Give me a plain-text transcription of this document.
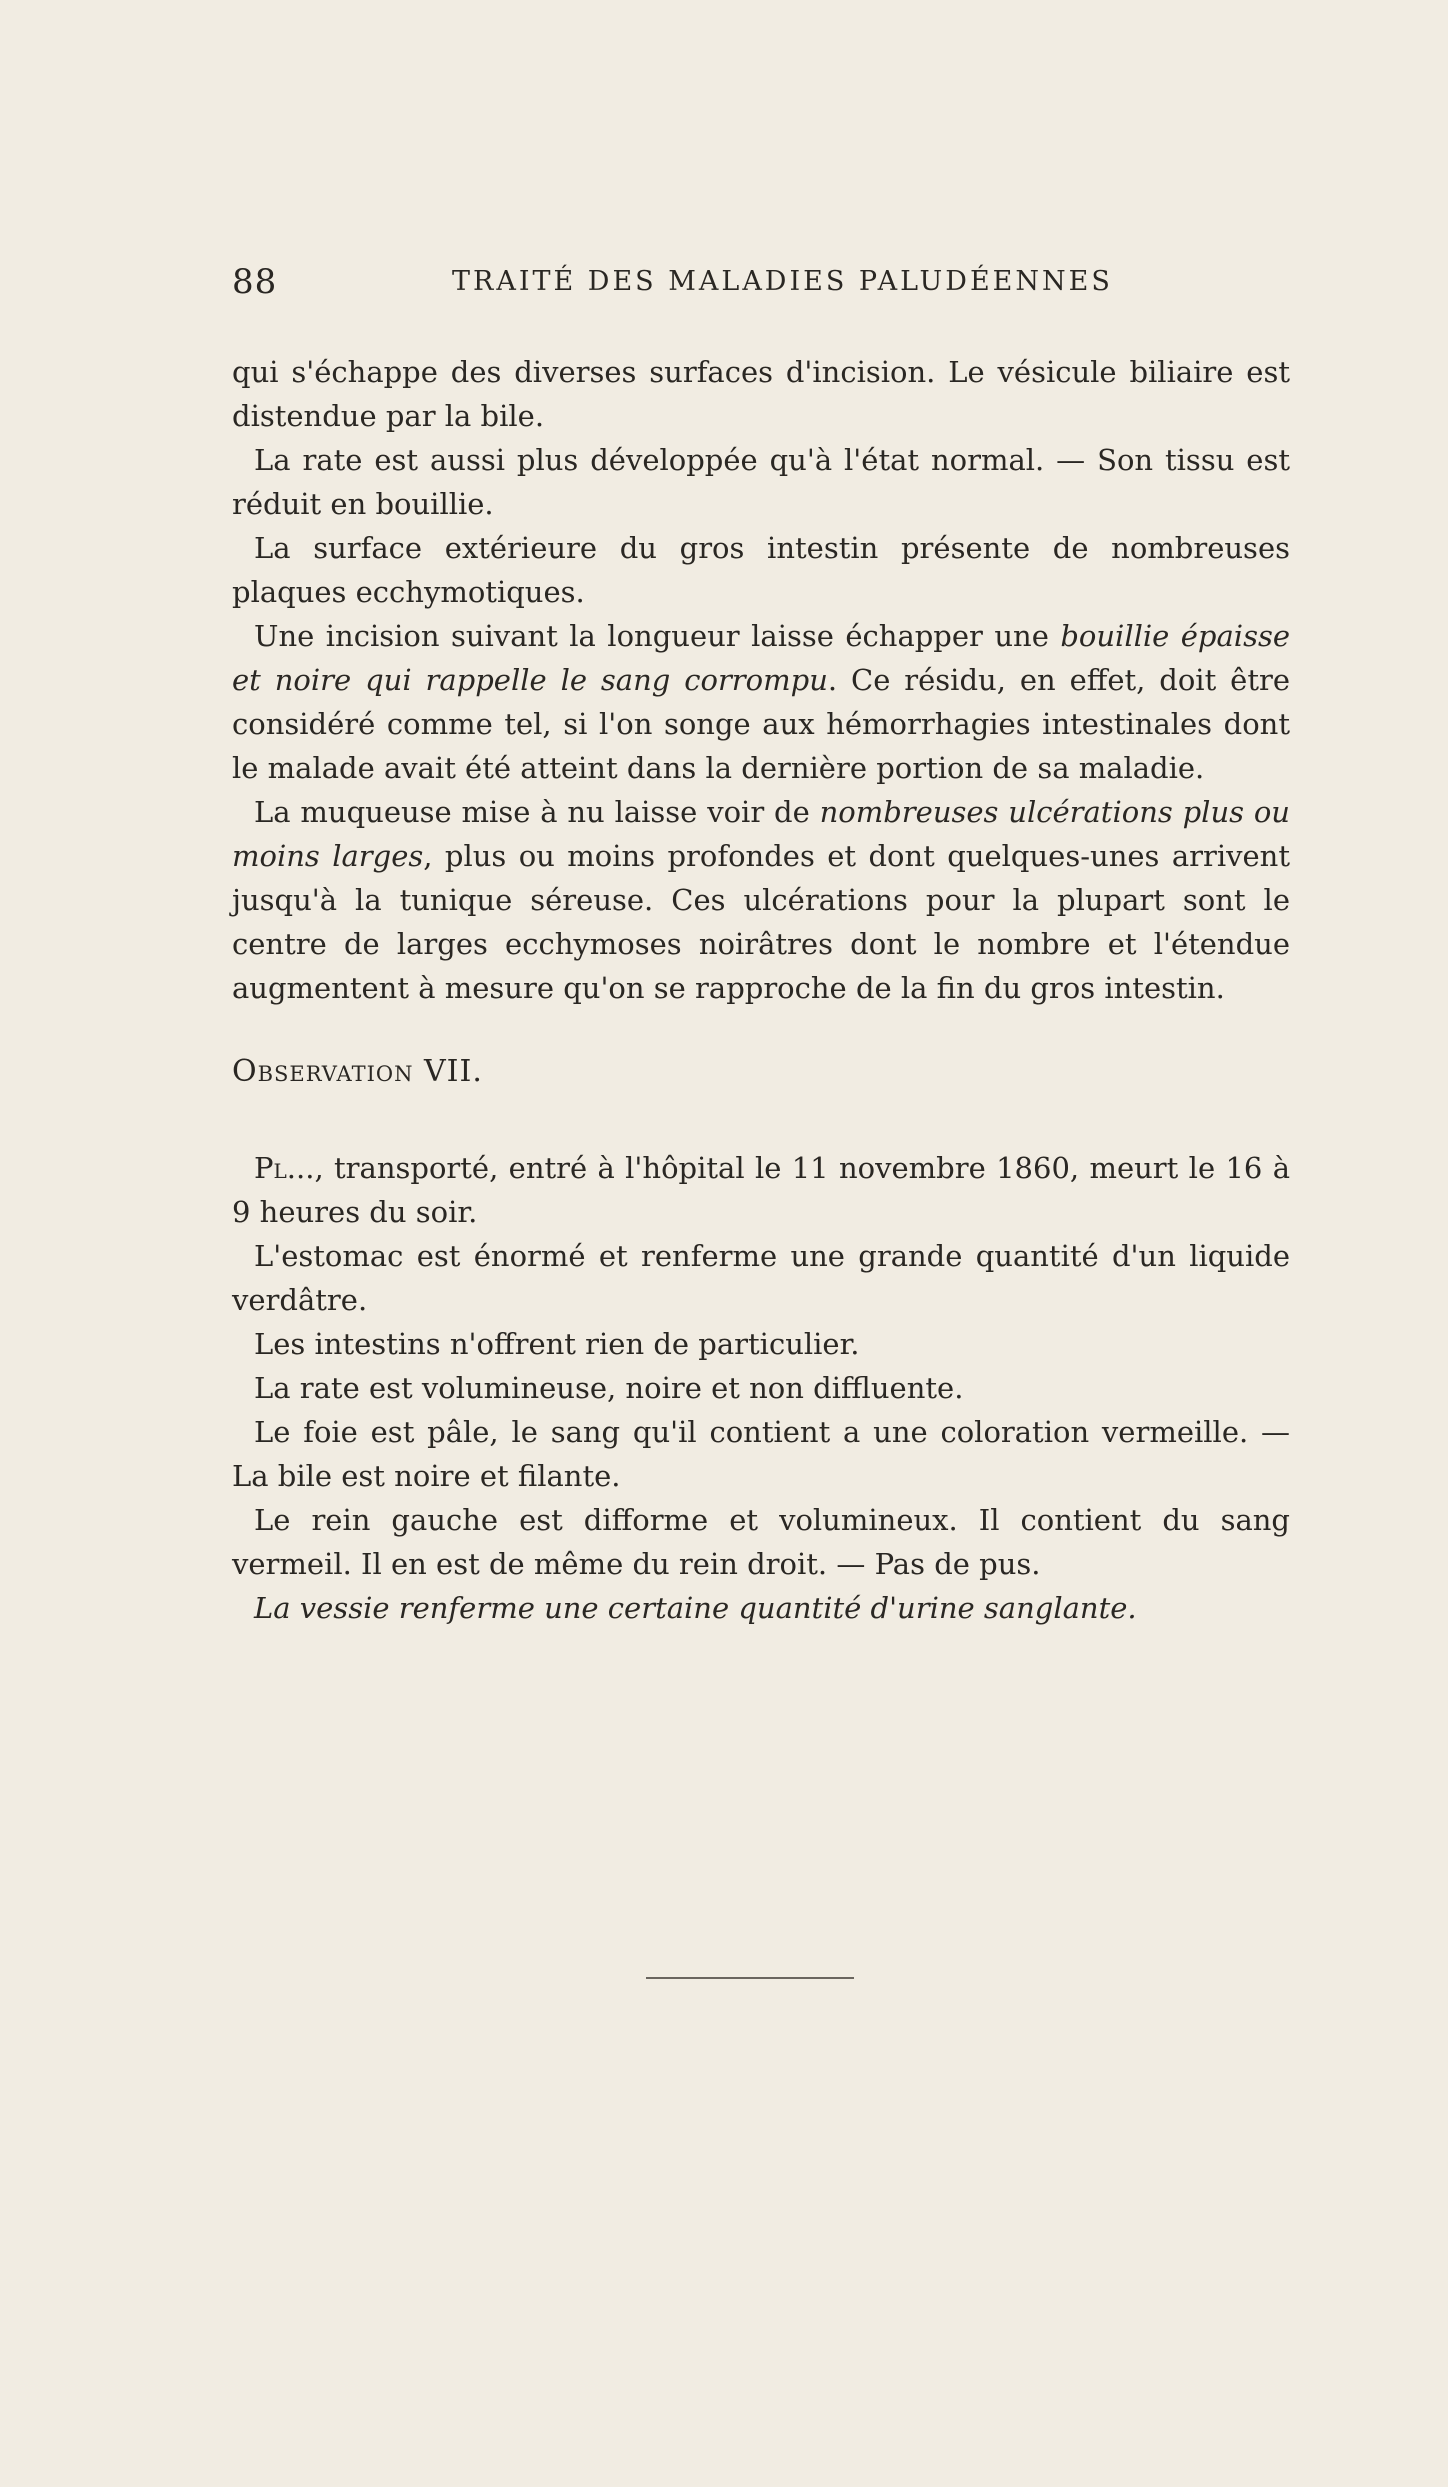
88	TRAITÉ DES MALADIES PALUDÉENNES

qui s'échappe des diverses surfaces d'incision. Le vésicule biliaire est distendue par la bile.

La rate est aussi plus développée qu'à l'état normal. — Son tissu est réduit en bouillie.

La surface extérieure du gros intestin présente de nombreuses plaques ecchymotiques.

Une incision suivant la longueur laisse échapper une bouillie épaisse et noire qui rappelle le sang corrompu. Ce résidu, en effet, doit être considéré comme tel, si l'on songe aux hémorrhagies intestinales dont le malade avait été atteint dans la dernière portion de sa maladie.

La muqueuse mise à nu laisse voir de nombreuses ulcérations plus ou moins larges, plus ou moins profondes et dont quelques-unes arrivent jusqu'à la tunique séreuse. Ces ulcérations pour la plupart sont le centre de larges ecchymoses noirâtres dont le nombre et l'étendue augmentent à mesure qu'on se rapproche de la fin du gros intestin.

Observation VII.

Pl..., transporté, entré à l'hôpital le 11 novembre 1860, meurt le 16 à 9 heures du soir.

L'estomac est énormé et renferme une grande quantité d'un liquide verdâtre.

Les intestins n'offrent rien de particulier.

La rate est volumineuse, noire et non diffluente.

Le foie est pâle, le sang qu'il contient a une coloration vermeille. — La bile est noire et filante.

Le rein gauche est difforme et volumineux. Il contient du sang vermeil. Il en est de même du rein droit. — Pas de pus.

La vessie renferme une certaine quantité d'urine sanglante.
